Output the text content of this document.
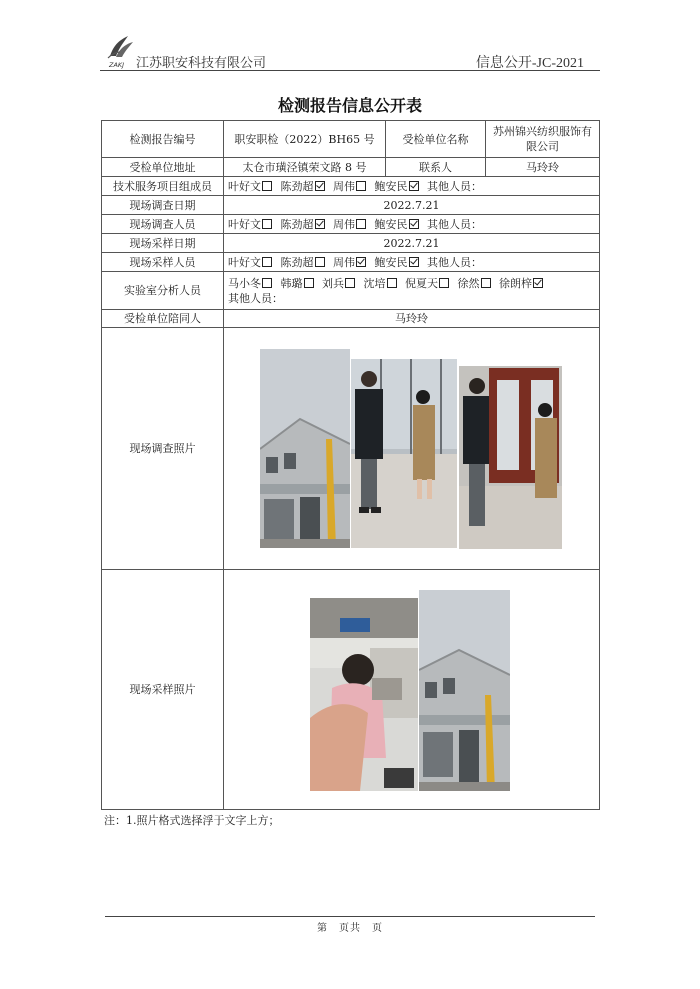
ZAKJ 江苏职安科技有限公司	信息公开-JC-2021
检测报告信息公开表
检测报告编号	职安职检（2022）BH65 号	受检单位名称	苏州锦兴纺织服饰有限公司
受检单位地址	太仓市璜泾镇荣文路 8 号	联系人	马玲玲
技术服务项目组成员	叶好文 陈劲超 周伟 鲍安民 其他人员：		
现场调查日期	2022.7.21		
现场调查人员	叶好文 陈劲超 周伟 鲍安民 其他人员：		
现场采样日期	2022.7.21		
现场采样人员	叶好文 陈劲超 周伟 鲍安民 其他人员：		
实验室分析人员	马小冬 韩璐 刘兵 沈培 倪夏天 徐然 徐朗梓
其他人员：		
受检单位陪同人	马玲玲		
现场调查照片			
现场采样照片			
注：1.照片格式选择浮于文字上方；
第　页共　页
